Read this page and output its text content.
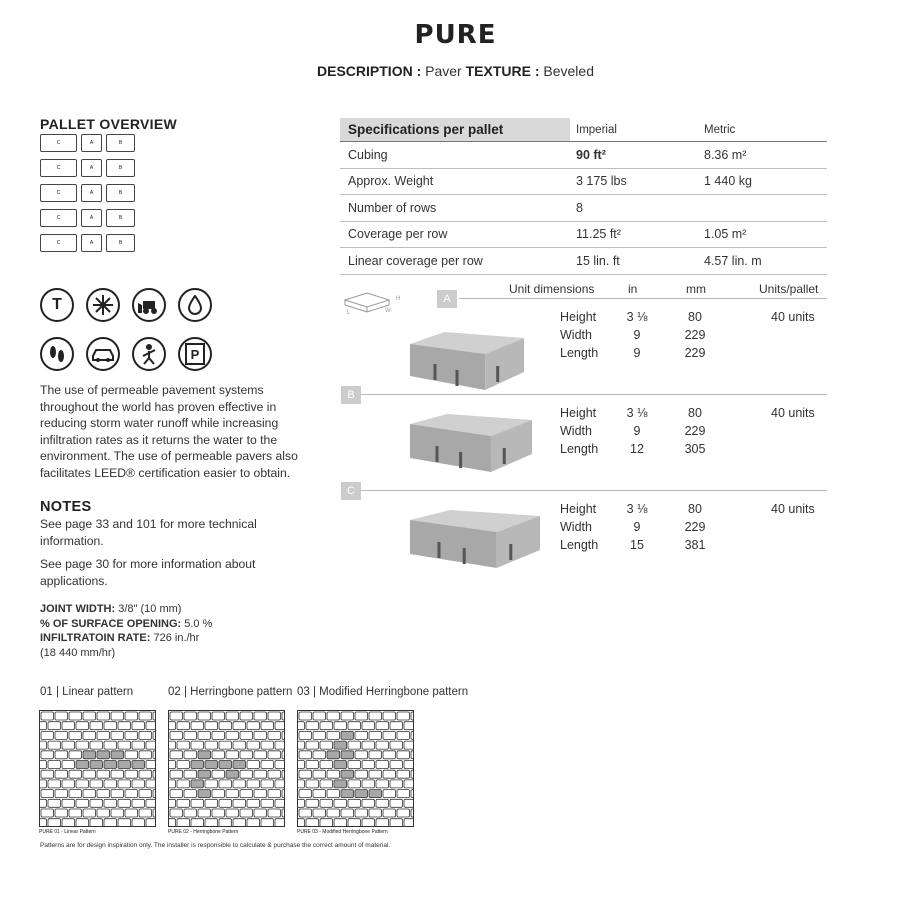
PURE
DESCRIPTION : Paver TEXTURE : Beveled
PALLET OVERVIEW
C	A	B
C	A	B
C	A	B
C	A	B
C	A	B
T
P
The use of permeable pavement systems throughout the world has proven effective in reducing storm water runoff while increasing infiltration rates as it returns the water to the environment. The use of permeable pavers also facilitates LEED® certification easier to obtain.
NOTES
See page 33 and 101 for more technical information.
See page 30 for more information about applications.
JOINT WIDTH: 3/8" (10 mm)
% OF SURFACE OPENING: 5.0 %
INFILTRATOIN RATE: 726 in./hr
(18 440 mm/hr)
Specifications per pallet	Imperial	Metric
Cubing	90 ft²	8.36 m²
Approx. Weight	3 175 lbs	1 440 kg
Number of rows	8
Coverage per row	11.25 ft²	1.05 m²
Linear coverage per row	15 lin. ft	4.57 lin. m
L	W
H
Unit dimensions	in	mm	Units/pallet
A
Height	3 ⅛	80
Width	9	229
Length	9	229
40 units
B
Height	3 ⅛	80
Width	9	229
Length	12	305
40 units
C
Height	3 ⅛	80
Width	9	229
Length	15	381
40 units
01 | Linear pattern
PURE 01 - Linear Pattern
02 | Herringbone pattern
PURE 02 - Herringbone Pattern
03 | Modified Herringbone pattern
PURE 03 - Modified Herringbone Pattern
Patterns are for design inspiration only. The installer is responsible to calculate & purchase the correct amount of material.
